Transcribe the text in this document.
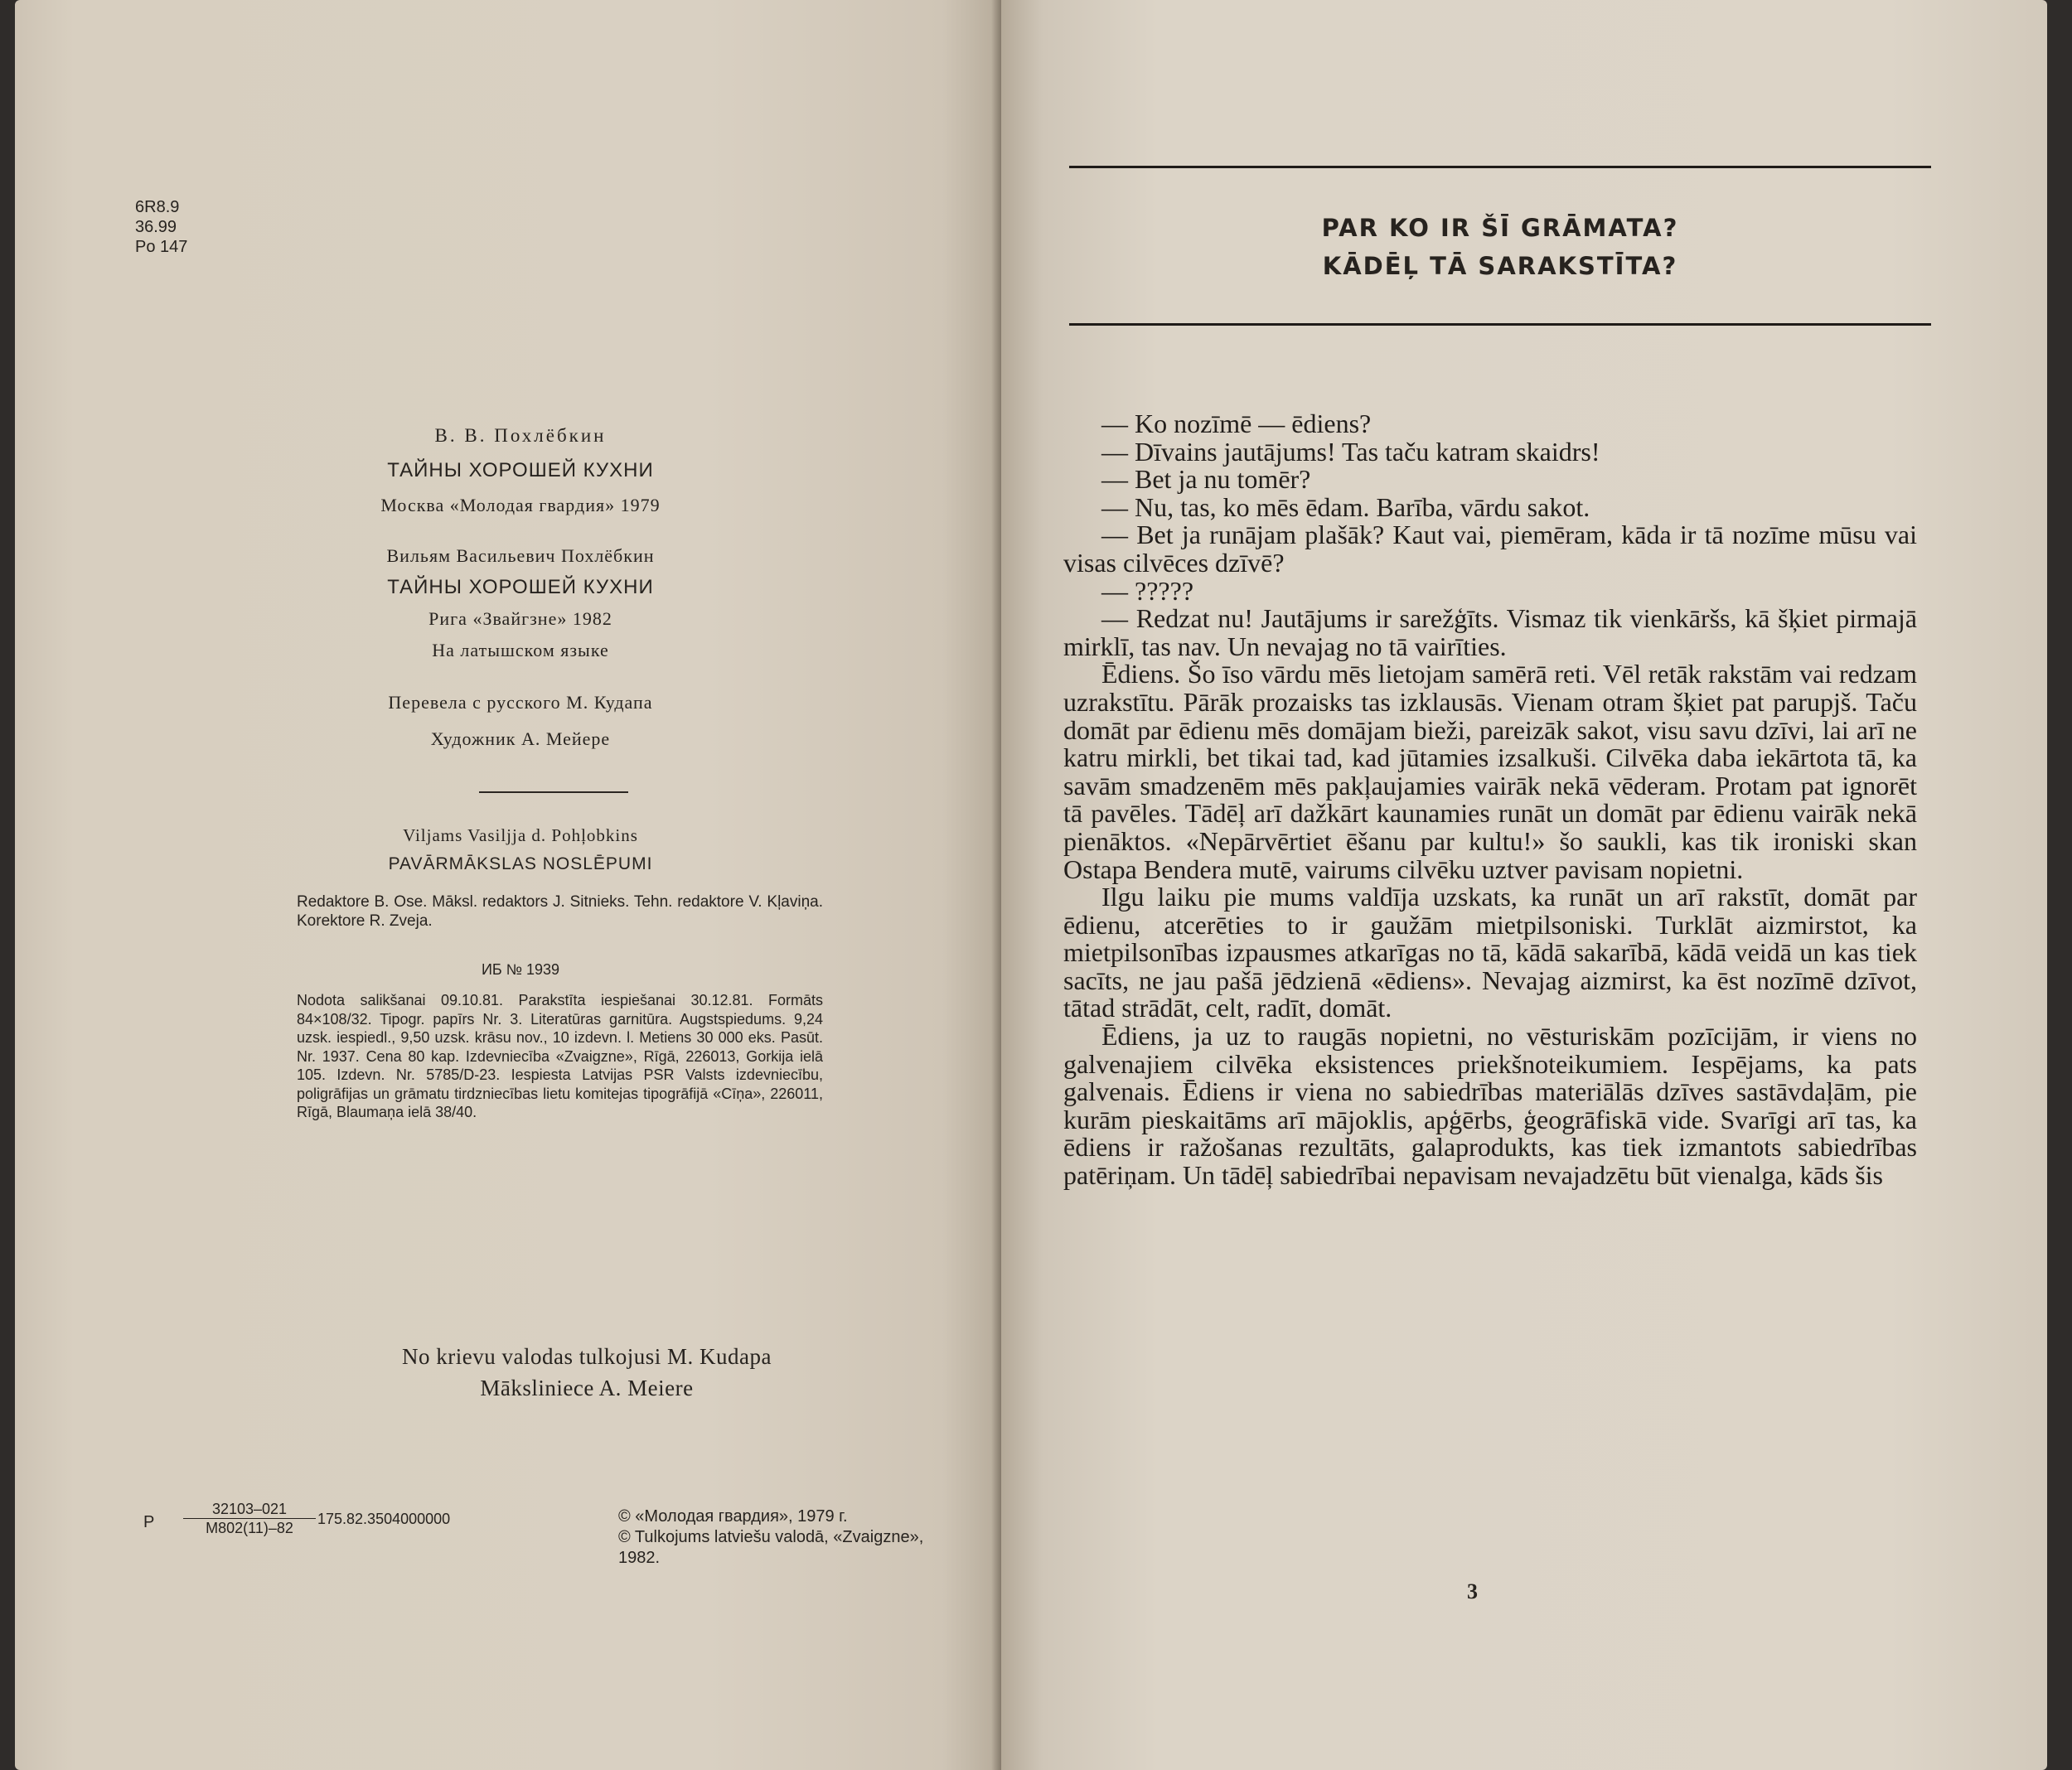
6R8.9
36.99
Po 147
В. В. Похлёбкин
ТАЙНЫ ХОРОШЕЙ КУХНИ
Москва «Молодая гвардия» 1979
Вильям Васильевич Похлёбкин
ТАЙНЫ ХОРОШЕЙ КУХНИ
Рига «Звайгзне» 1982
На латышском языке
Перевела с русского М. Кудапа
Художник А. Мейере
Viljams Vasiljja d. Pohļobkins
PAVĀRMĀKSLAS NOSLĒPUMI
Redaktore B. Ose. Māksl. redaktors J. Sitnieks. Tehn. redaktore V. Kļaviņa. Korektore R. Zveja.
ИБ № 1939
Nodota salikšanai 09.10.81. Parakstīta iespiešanai 30.12.81. Formāts 84×108/32. Tipogr. papīrs Nr. 3. Literatūras garnitūra. Augstspiedums. 9,24 uzsk. iespiedl., 9,50 uzsk. krāsu nov., 10 izdevn. l. Metiens 30 000 eks. Pasūt. Nr. 1937. Cena 80 kap. Izdevniecība «Zvaigzne», Rīgā, 226013, Gorkija ielā 105. Izdevn. Nr. 5785/D-23. Iespiesta Latvijas PSR Valsts izdevniecību, poligrāfijas un grāmatu tirdzniecības lietu komitejas tipogrāfijā «Cīņa», 226011, Rīgā, Blaumaņa ielā 38/40.
No krievu valodas tulkojusi M. Kudapa
Māksliniece A. Meiere
P $\frac{32103-021}{M802(11)-82} 175.82.3504000000$	© «Молодая гвардия», 1979 г.
© Tulkojums latviešu valodā, «Zvaigzne», 1982.
PAR KO IR ŠĪ GRĀMATA?
KĀDĒĻ TĀ SARAKSTĪTA?

— Ko nozīmē — ēdiens?

— Dīvains jautājums! Tas taču katram skaidrs!

— Bet ja nu tomēr?

— Nu, tas, ko mēs ēdam. Barība, vārdu sakot.

— Bet ja runājam plašāk? Kaut vai, piemēram, kāda ir tā nozīme mūsu vai visas cilvēces dzīvē?

— ?????

— Redzat nu! Jautājums ir sarežģīts. Vismaz tik vienkāršs, kā šķiet pirmajā mirklī, tas nav. Un nevajag no tā vairīties.

Ēdiens. Šo īso vārdu mēs lietojam samērā reti. Vēl retāk rakstām vai redzam uzrakstītu. Pārāk prozaisks tas izklausās. Vienam otram šķiet pat parupjš. Taču domāt par ēdienu mēs domājam bieži, pareizāk sakot, visu savu dzīvi, lai arī ne katru mirkli, bet tikai tad, kad jūtamies izsalkuši. Cilvēka daba iekārtota tā, ka savām smadzenēm mēs pakļaujamies vairāk nekā vēderam. Protam pat ignorēt tā pavēles. Tādēļ arī dažkārt kaunamies runāt un domāt par ēdienu vairāk nekā pienāktos. «Nepārvērtiet ēšanu par kultu!» šo saukli, kas tik ironiski skan Ostapa Bendera mutē, vairums cilvēku uztver pavisam nopietni.

Ilgu laiku pie mums valdīja uzskats, ka runāt un arī rakstīt, domāt par ēdienu, atcerēties to ir gaužām mietpilsoniski. Turklāt aizmirstot, ka mietpilsonības izpausmes atkarīgas no tā, kādā sakarībā, kādā veidā un kas tiek sacīts, ne jau pašā jēdzienā «ēdiens». Nevajag aizmirst, ka ēst nozīmē dzīvot, tātad strādāt, celt, radīt, domāt.

Ēdiens, ja uz to raugās nopietni, no vēsturiskām pozīcijām, ir viens no galvenajiem cilvēka eksistences priekšnoteikumiem. Iespējams, ka pats galvenais. Ēdiens ir viena no sabiedrības materiālās dzīves sastāvdaļām, pie kurām pieskaitāms arī mājoklis, apģērbs, ģeogrāfiskā vide. Svarīgi arī tas, ka ēdiens ir ražošanas rezultāts, galaprodukts, kas tiek izmantots sabiedrības patēriņam. Un tādēļ sabiedrībai nepavisam nevajadzētu būt vienalga, kāds šis

3
